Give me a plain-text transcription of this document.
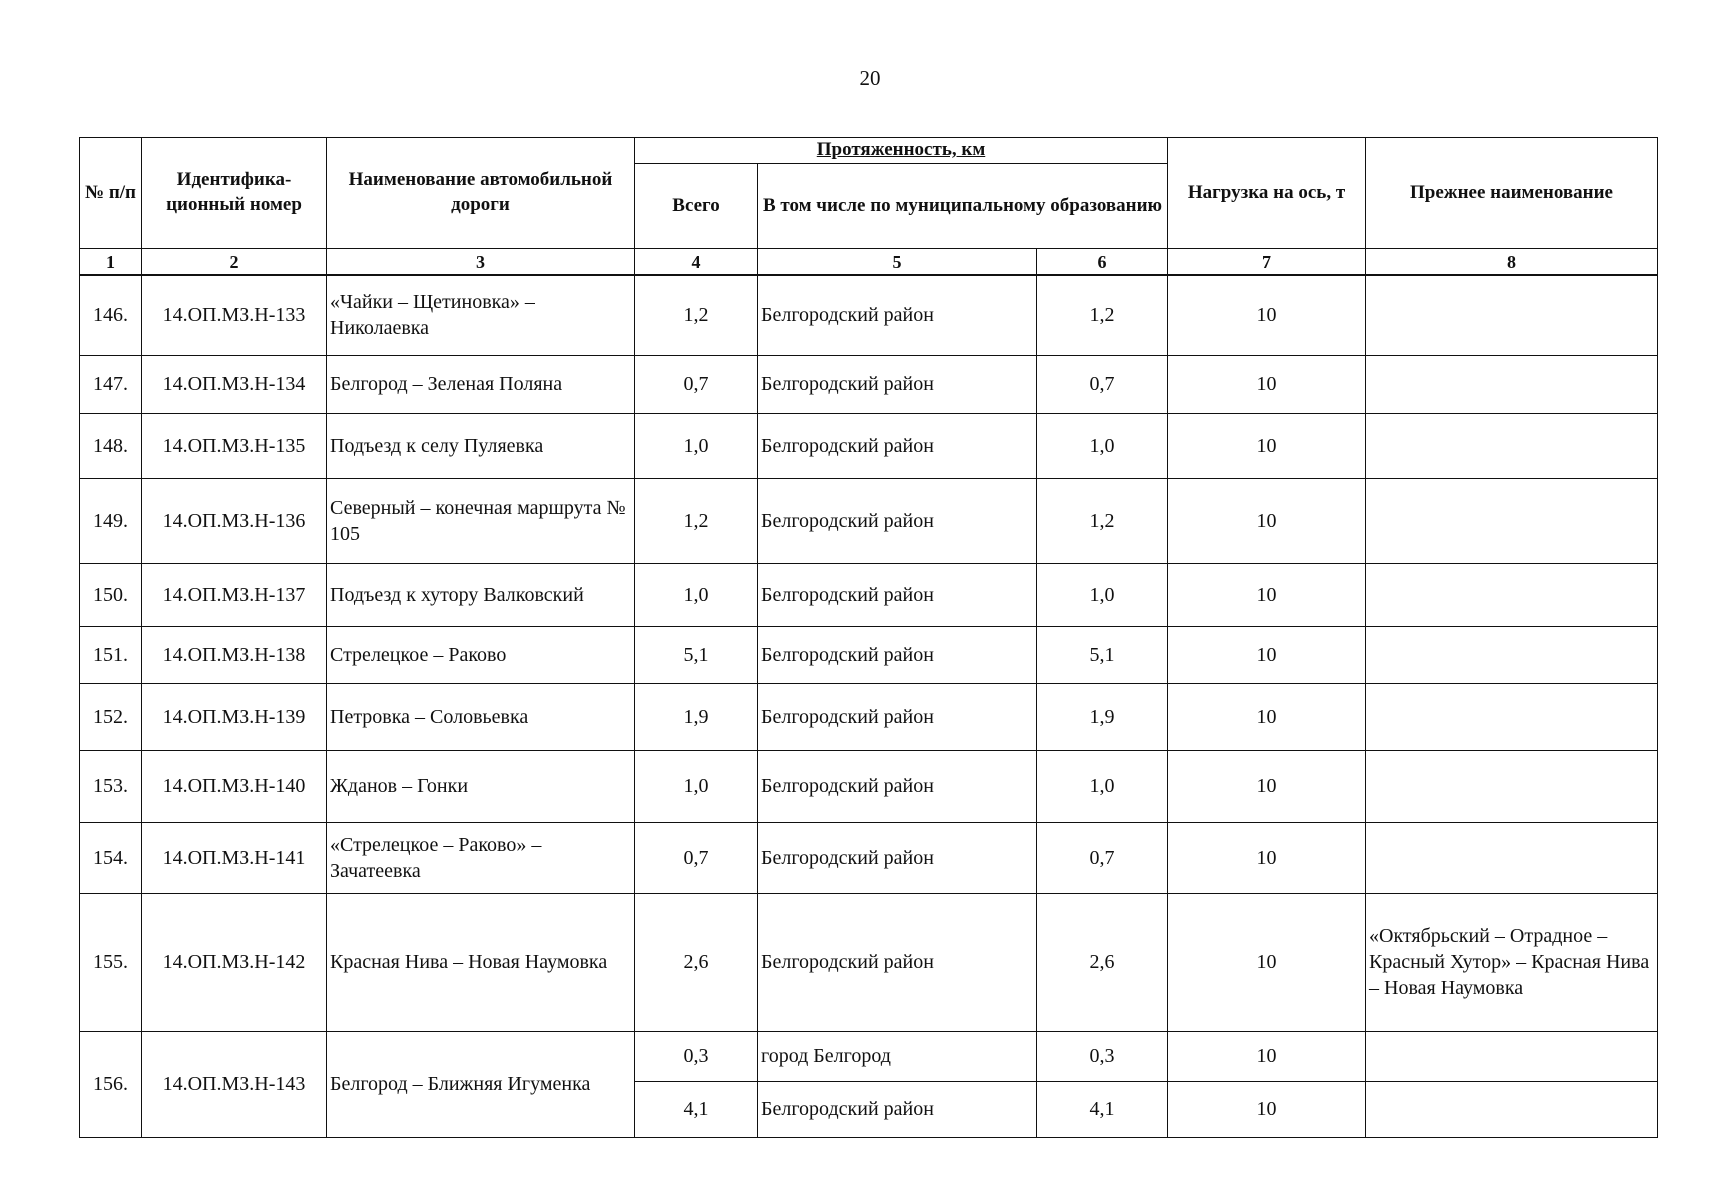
20
№ п/п	Идентифика-ционный номер	Наименование автомобильной дороги	Протяженность, км			Нагрузка на ось, т	Прежнее наименование
			Всего	В том числе по муниципальному образованию			
1	2	3	4	5	6	7	8
146.	14.ОП.МЗ.Н-133	«Чайки – Щетиновка» – Николаевка	1,2	Белгородский район	1,2	10	
147.	14.ОП.МЗ.Н-134	Белгород – Зеленая Поляна	0,7	Белгородский район	0,7	10	
148.	14.ОП.МЗ.Н-135	Подъезд к селу Пуляевка	1,0	Белгородский район	1,0	10	
149.	14.ОП.МЗ.Н-136	Северный – конечная маршрута № 105	1,2	Белгородский район	1,2	10	
150.	14.ОП.МЗ.Н-137	Подъезд к хутору Валковский	1,0	Белгородский район	1,0	10	
151.	14.ОП.МЗ.Н-138	Стрелецкое – Раково	5,1	Белгородский район	5,1	10	
152.	14.ОП.МЗ.Н-139	Петровка – Соловьевка	1,9	Белгородский район	1,9	10	
153.	14.ОП.МЗ.Н-140	Жданов – Гонки	1,0	Белгородский район	1,0	10	
154.	14.ОП.МЗ.Н-141	«Стрелецкое – Раково» – Зачатеевка	0,7	Белгородский район	0,7	10	
155.	14.ОП.МЗ.Н-142	Красная Нива – Новая Наумовка	2,6	Белгородский район	2,6	10	«Октябрьский – Отрадное – Красный Хутор» – Красная Нива – Новая Наумовка
156.	14.ОП.МЗ.Н-143	Белгород – Ближняя Игуменка	0,3	город Белгород	0,3	10	
			4,1	Белгородский район	4,1	10	
